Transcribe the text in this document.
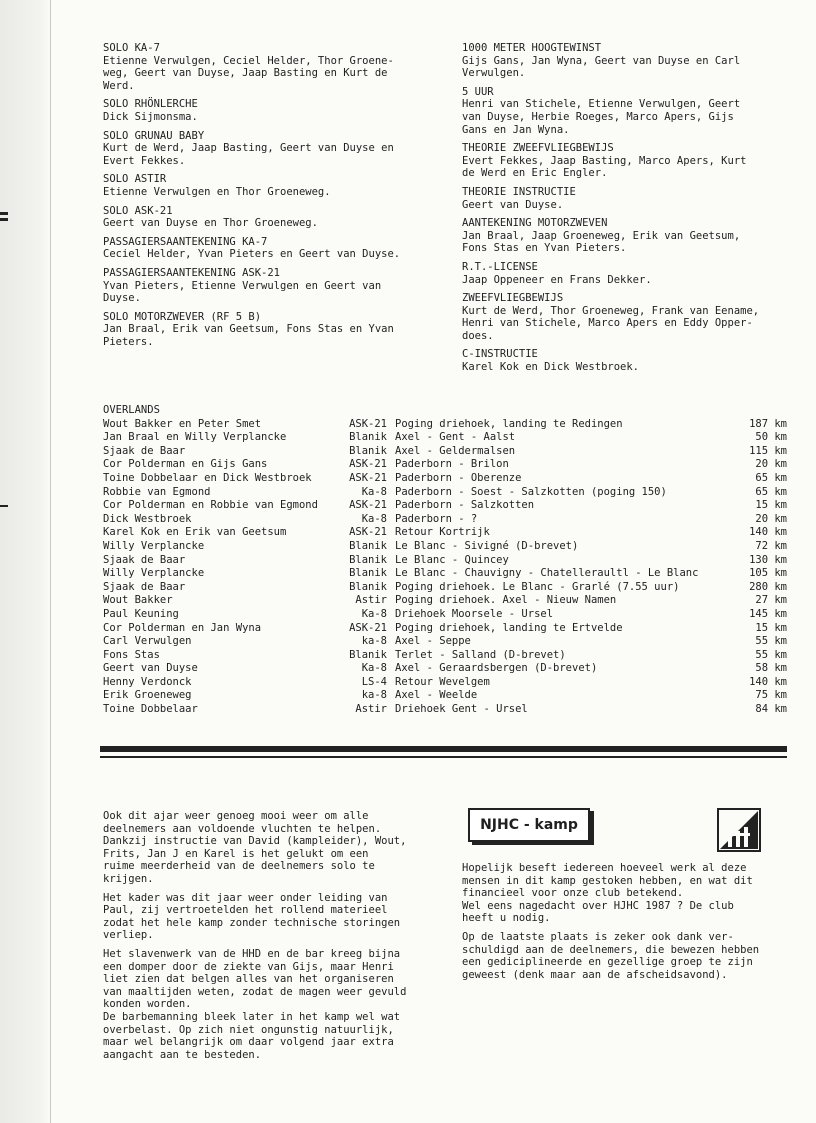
SOLO KA-7
Etienne Verwulgen, Ceciel Helder, Thor Groene-
weg, Geert van Duyse, Jaap Basting en Kurt de
Werd.
SOLO RHÖNLERCHE
Dick Sijmonsma.
SOLO GRUNAU BABY
Kurt de Werd, Jaap Basting, Geert van Duyse en
Evert Fekkes.
SOLO ASTIR
Etienne Verwulgen en Thor Groeneweg.
SOLO ASK-21
Geert van Duyse en Thor Groeneweg.
PASSAGIERSAANTEKENING KA-7
Ceciel Helder, Yvan Pieters en Geert van Duyse.
PASSAGIERSAANTEKENING ASK-21
Yvan Pieters, Etienne Verwulgen en Geert van
Duyse.
SOLO MOTORZWEVER (RF 5 B)
Jan Braal, Erik van Geetsum, Fons Stas en Yvan
Pieters.
1000 METER HOOGTEWINST
Gijs Gans, Jan Wyna, Geert van Duyse en Carl
Verwulgen.
5 UUR
Henri van Stichele, Etienne Verwulgen, Geert
van Duyse, Herbie Roeges, Marco Apers, Gijs
Gans en Jan Wyna.
THEORIE ZWEEFVLIEGBEWIJS
Evert Fekkes, Jaap Basting, Marco Apers, Kurt
de Werd en Eric Engler.
THEORIE INSTRUCTIE
Geert van Duyse.
AANTEKENING MOTORZWEVEN
Jan Braal, Jaap Groeneweg, Erik van Geetsum,
Fons Stas en Yvan Pieters.
R.T.-LICENSE
Jaap Oppeneer en Frans Dekker.
ZWEEFVLIEGBEWIJS
Kurt de Werd, Thor Groeneweg, Frank van Eename,
Henri van Stichele, Marco Apers en Eddy Opper-
does.
C-INSTRUCTIE
Karel Kok en Dick Westbroek.
OVERLANDS
Wout Bakker en Peter Smet	ASK-21 Poging driehoek, landing te Redingen	187 km
Jan Braal en Willy Verplancke	Blanik Axel - Gent - Aalst	50 km
Sjaak de Baar	Blanik Axel - Geldermalsen	115 km
Cor Polderman en Gijs Gans	ASK-21 Paderborn - Brilon	20 km
Toine Dobbelaar en Dick Westbroek	ASK-21 Paderborn - Oberenze	65 km
Robbie van Egmond	Ka-8 Paderborn - Soest - Salzkotten (poging 150)	65 km
Cor Polderman en Robbie van Egmond	ASK-21 Paderborn - Salzkotten	15 km
Dick Westbroek	Ka-8 Paderborn - ?	20 km
Karel Kok en Erik van Geetsum	ASK-21 Retour Kortrijk	140 km
Willy Verplancke	Blanik Le Blanc - Sivigné (D-brevet)	72 km
Sjaak de Baar	Blanik Le Blanc - Quincey	130 km
Willy Verplancke	Blanik Le Blanc - Chauvigny - Chatelleraultl - Le Blanc	105 km
Sjaak de Baar	Blanik Poging driehoek. Le Blanc - Grarlé (7.55 uur)	280 km
Wout Bakker	Astir Poging driehoek. Axel - Nieuw Namen	27 km
Paul Keuning	Ka-8 Driehoek Moorsele - Ursel	145 km
Cor Polderman en Jan Wyna	ASK-21 Poging driehoek, landing te Ertvelde	15 km
Carl Verwulgen	ka-8 Axel - Seppe	55 km
Fons Stas	Blanik Terlet - Salland (D-brevet)	55 km
Geert van Duyse	Ka-8 Axel - Geraardsbergen (D-brevet)	58 km
Henny Verdonck	LS-4 Retour Wevelgem	140 km
Erik Groeneweg	ka-8 Axel - Weelde	75 km
Toine Dobbelaar	Astir Driehoek Gent - Ursel	84 km

Ook dit ajar weer genoeg mooi weer om alle
deelnemers aan voldoende vluchten te helpen.
Dankzij instructie van David (kampleider), Wout,
Frits, Jan J en Karel is het gelukt om een
ruime meerderheid van de deelnemers solo te
krijgen.

Het kader was dit jaar weer onder leiding van
Paul, zij vertroetelden het rollend materieel
zodat het hele kamp zonder technische storingen
verliep.

Het slavenwerk van de HHD en de bar kreeg bijna
een domper door de ziekte van Gijs, maar Henri
liet zien dat belgen alles van het organiseren
van maaltijden weten, zodat de magen weer gevuld
konden worden.
De barbemanning bleek later in het kamp wel wat
overbelast. Op zich niet ongunstig natuurlijk,
maar wel belangrijk om daar volgend jaar extra
aangacht aan te besteden.

NJHC - kamp

Hopelijk beseft iedereen hoeveel werk al deze
mensen in dit kamp gestoken hebben, en wat dit
financieel voor onze club betekend.
Wel eens nagedacht over HJHC 1987 ? De club
heeft u nodig.

Op de laatste plaats is zeker ook dank ver-
schuldigd aan de deelnemers, die bewezen hebben
een gediciplineerde en gezellige groep te zijn
geweest (denk maar aan de afscheidsavond).
